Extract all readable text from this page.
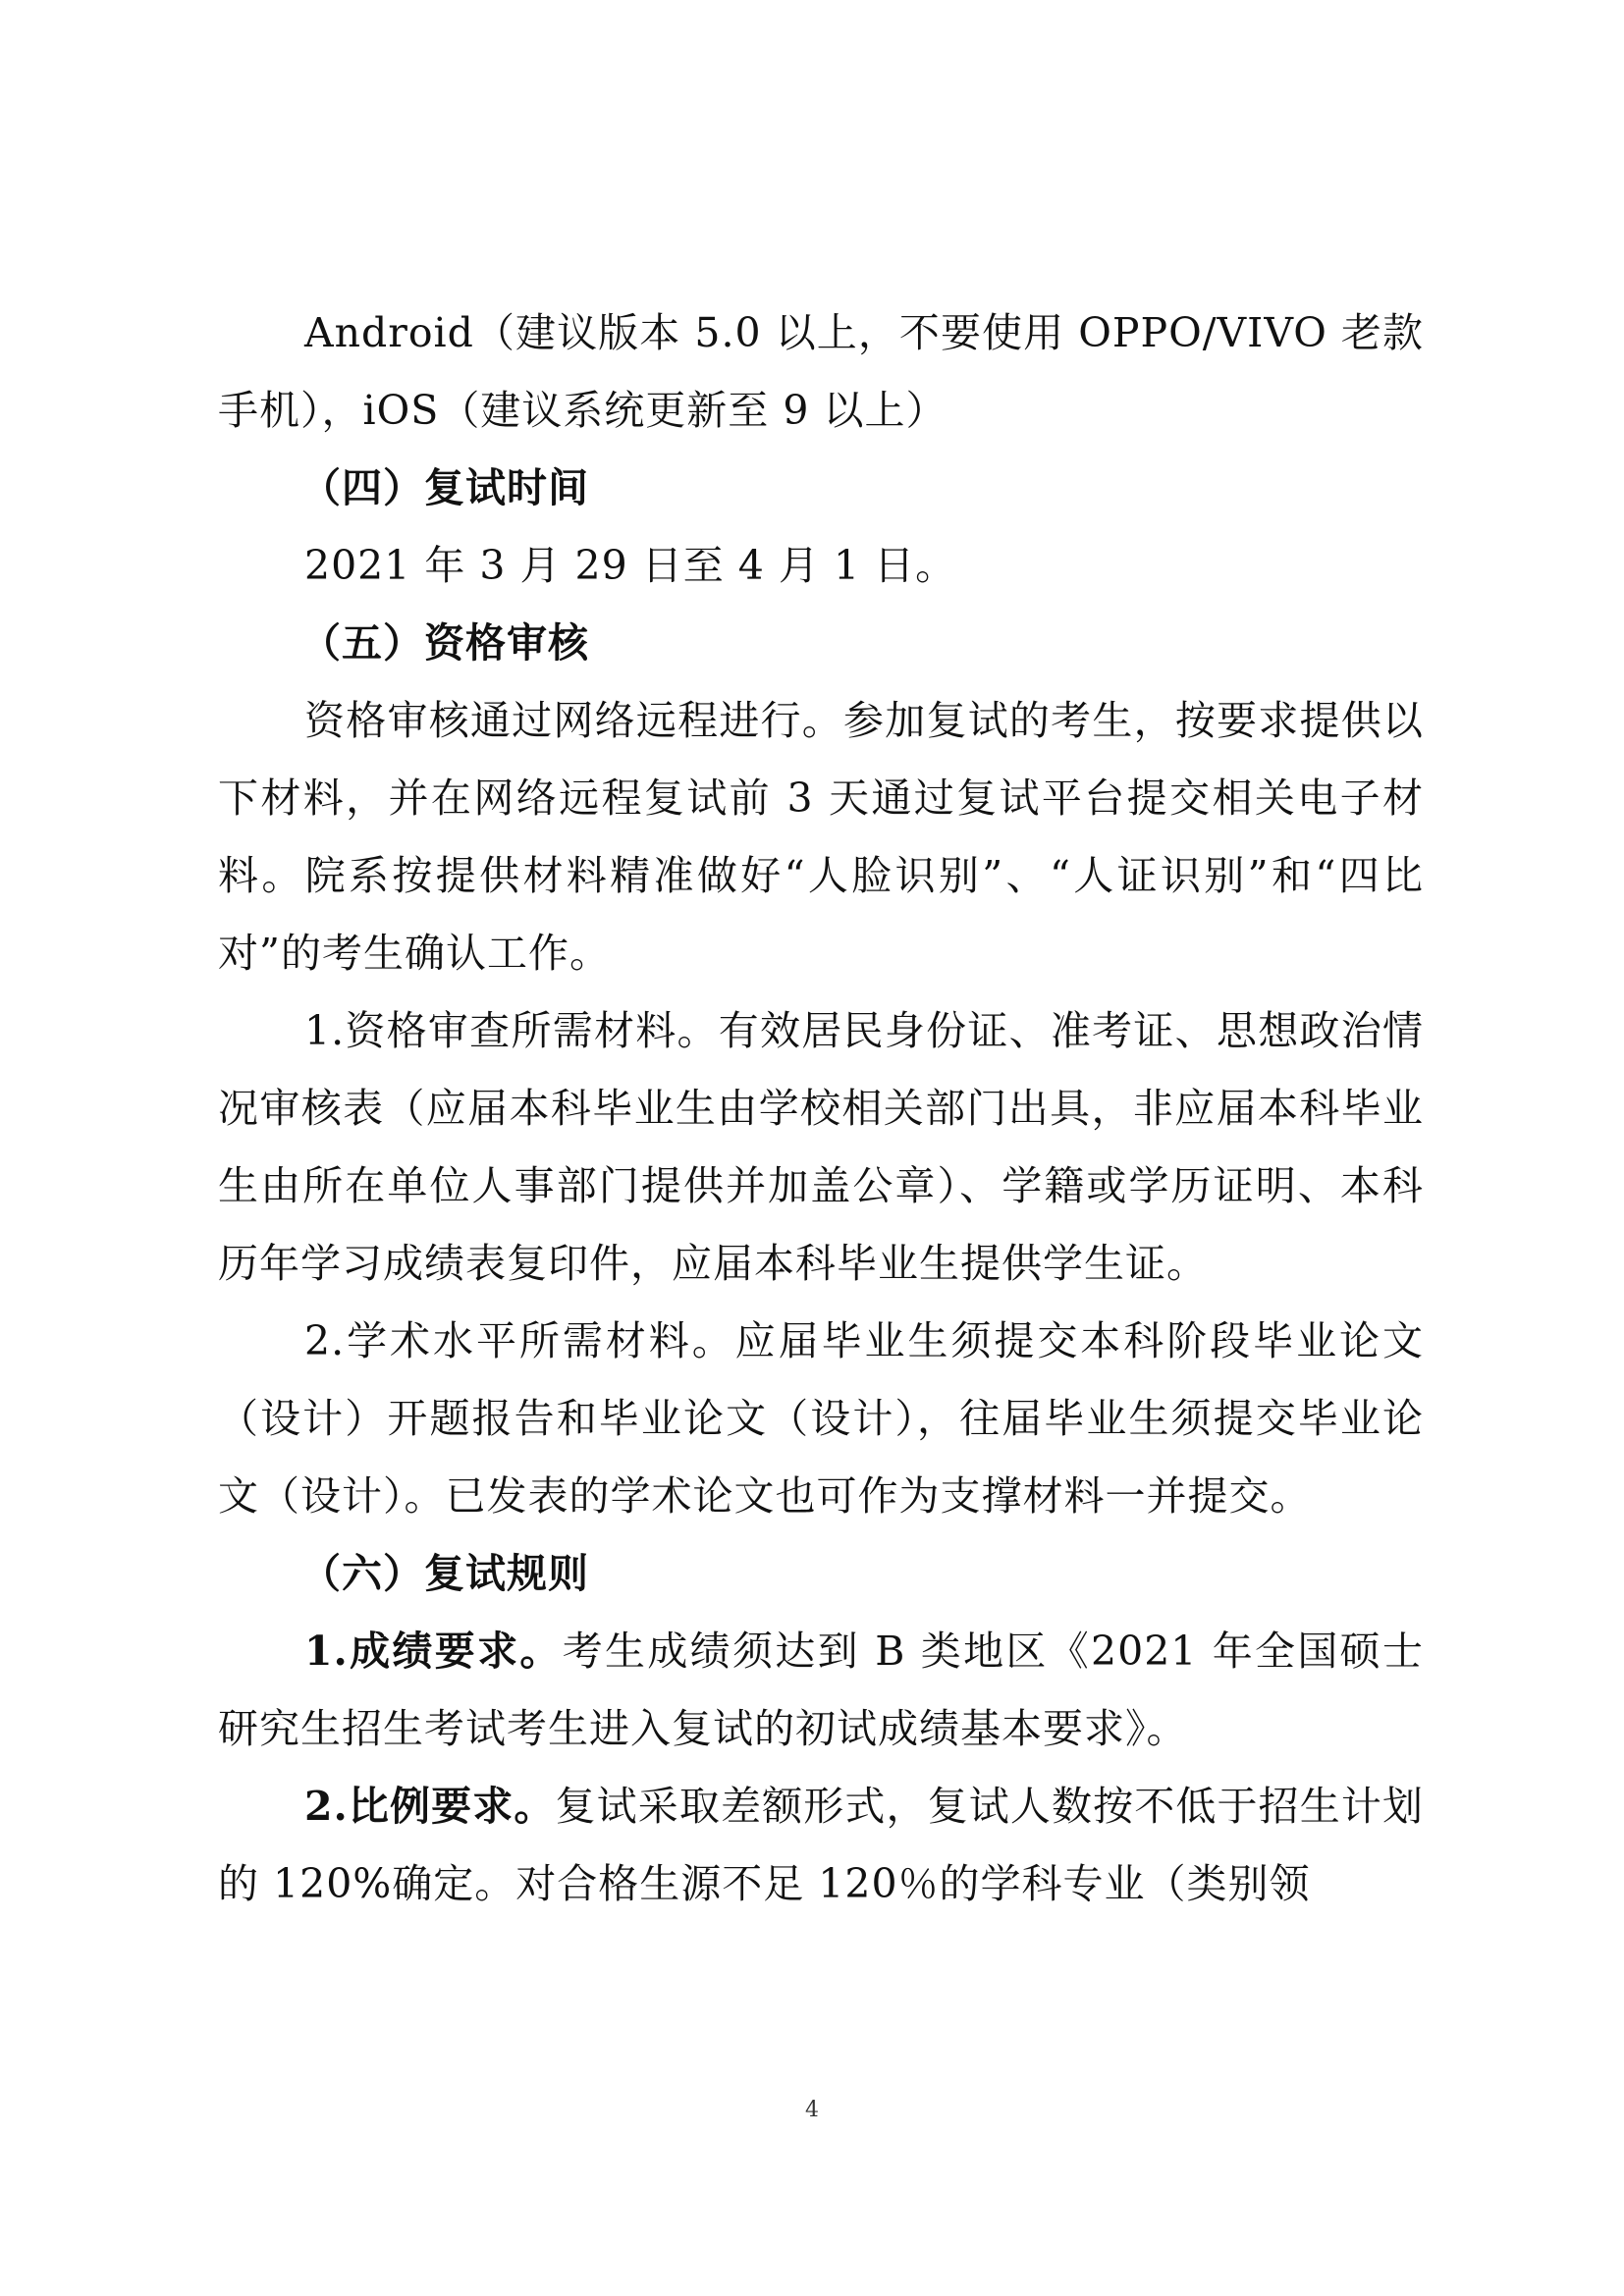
Android（建议版本 5.0 以上，不要使用 OPPO/VIVO 老款手机），iOS（建议系统更新至 9 以上）

（四）复试时间

2021 年 3 月 29 日至 4 月 1 日。

（五）资格审核

资格审核通过网络远程进行。参加复试的考生，按要求提供以下材料，并在网络远程复试前 3 天通过复试平台提交相关电子材料。院系按提供材料精准做好“人脸识别”、“人证识别”和“四比对”的考生确认工作。

1.资格审查所需材料。有效居民身份证、准考证、思想政治情况审核表（应届本科毕业生由学校相关部门出具，非应届本科毕业生由所在单位人事部门提供并加盖公章）、学籍或学历证明、本科历年学习成绩表复印件，应届本科毕业生提供学生证。

2.学术水平所需材料。应届毕业生须提交本科阶段毕业论文（设计）开题报告和毕业论文（设计），往届毕业生须提交毕业论文（设计）。已发表的学术论文也可作为支撑材料一并提交。

（六）复试规则

1.成绩要求。考生成绩须达到 B 类地区《2021 年全国硕士研究生招生考试考生进入复试的初试成绩基本要求》。

2.比例要求。复试采取差额形式，复试人数按不低于招生计划的 120%确定。对合格生源不足 120％的学科专业（类别领

4
